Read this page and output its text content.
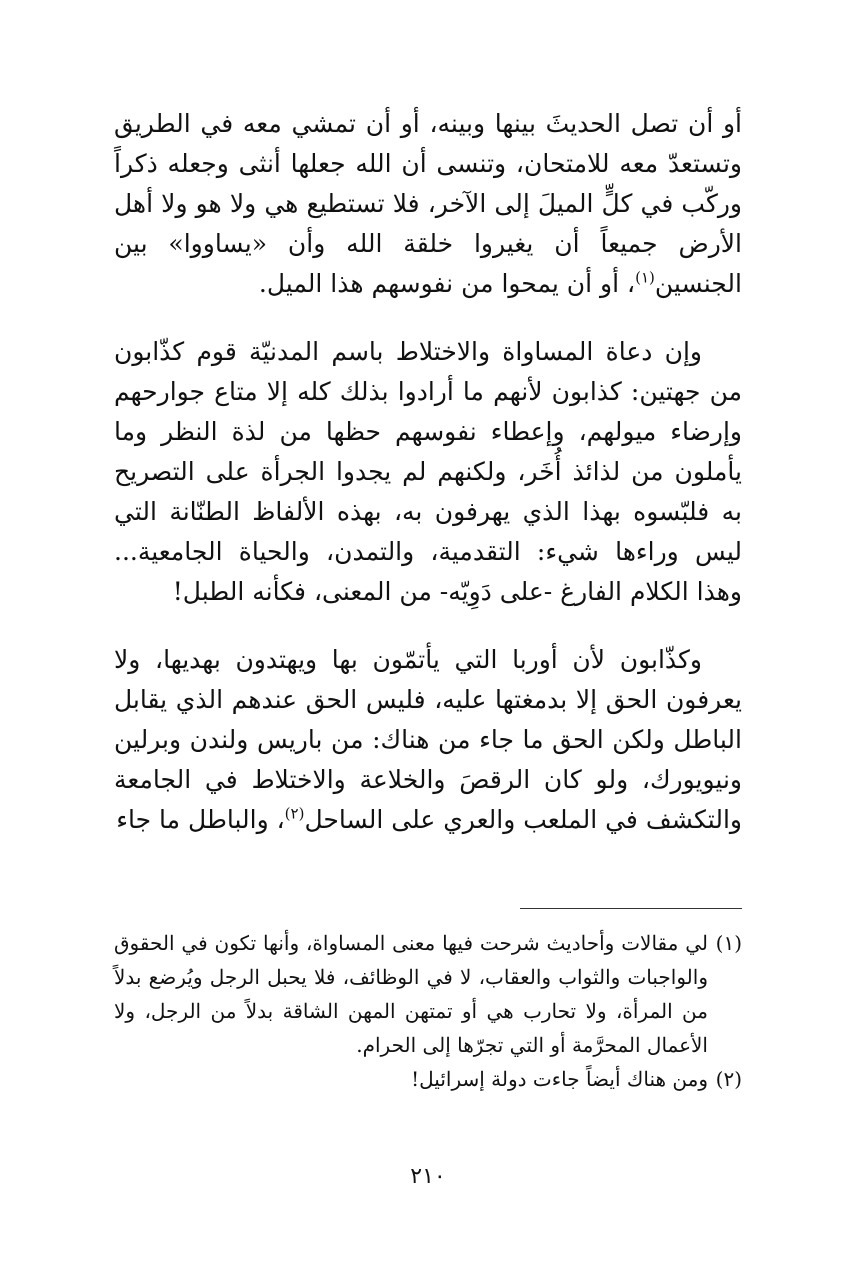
أو أن تصل الحديثَ بينها وبينه، أو أن تمشي معه في الطريق وتستعدّ معه للامتحان، وتنسى أن الله جعلها أنثى وجعله ذكراً وركّب في كلٍّ الميلَ إلى الآخر، فلا تستطيع هي ولا هو ولا أهل الأرض جميعاً أن يغيروا خلقة الله وأن «يساووا» بين الجنسين$^{(١)}$، أو أن يمحوا من نفوسهم هذا الميل.

وإن دعاة المساواة والاختلاط باسم المدنيّة قوم كذّابون من جهتين: كذابون لأنهم ما أرادوا بذلك كله إلا متاع جوارحهم وإرضاء ميولهم، وإعطاء نفوسهم حظها من لذة النظر وما يأملون من لذائذ أُخَر، ولكنهم لم يجدوا الجرأة على التصريح به فلبّسوه بهذا الذي يهرفون به، بهذه الألفاظ الطنّانة التي ليس وراءها شيء: التقدمية، والتمدن، والحياة الجامعية... وهذا الكلام الفارغ -على دَوِيّه- من المعنى، فكأنه الطبل!

وكذّابون لأن أوربا التي يأتمّون بها ويهتدون بهديها، ولا يعرفون الحق إلا بدمغتها عليه، فليس الحق عندهم الذي يقابل الباطل ولكن الحق ما جاء من هناك: من باريس ولندن وبرلين ونيويورك، ولو كان الرقصَ والخلاعة والاختلاط في الجامعة والتكشف في الملعب والعري على الساحل$^{(٢)}$، والباطل ما جاء

(١)لي مقالات وأحاديث شرحت فيها معنى المساواة، وأنها تكون في الحقوق والواجبات والثواب والعقاب، لا في الوظائف، فلا يحبل الرجل ويُرضع بدلاً من المرأة، ولا تحارب هي أو تمتهن المهن الشاقة بدلاً من الرجل، ولا الأعمال المحرَّمة أو التي تجرّها إلى الحرام.

(٢)ومن هناك أيضاً جاءت دولة إسرائيل!

٢١٠
